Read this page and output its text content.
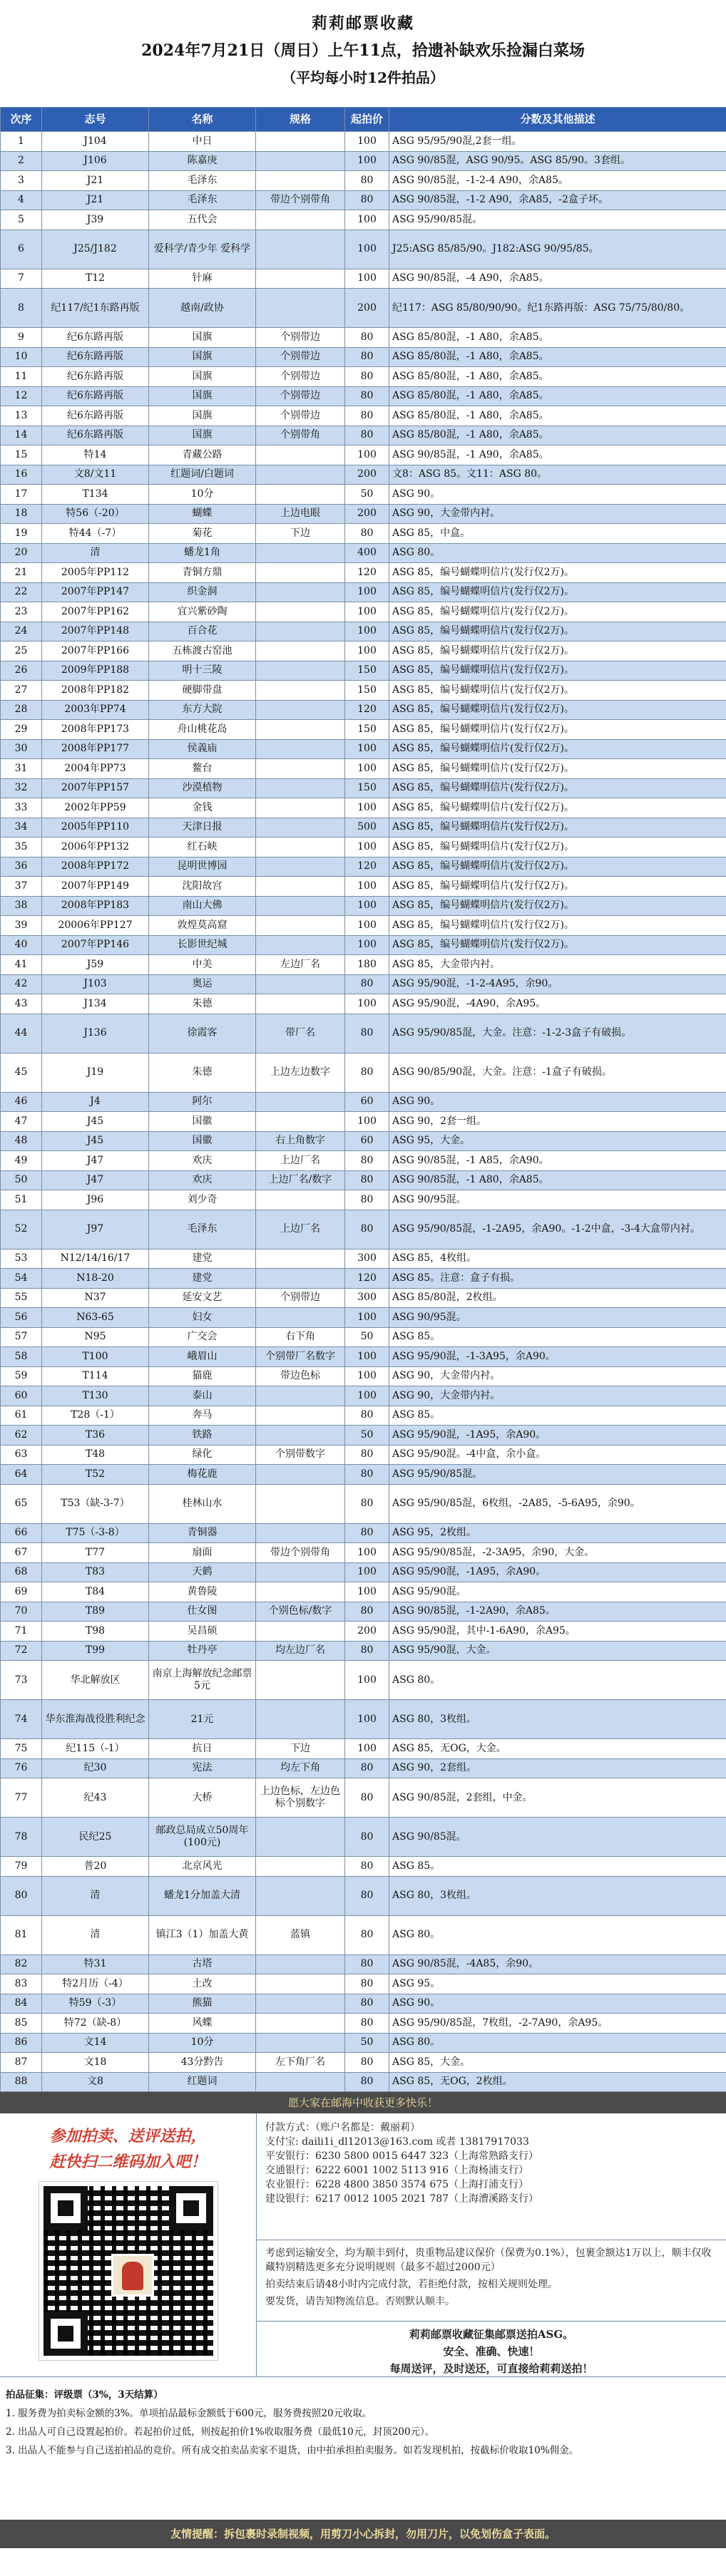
莉莉邮票收藏
2024年7月21日（周日）上午11点，拾遗补缺欢乐捡漏白菜场
（平均每小时12件拍品）
次序	志号	名称	规格	起拍价	分数及其他描述
1	J104	中日		100	ASG 95/95/90混,2套一组。
2	J106	陈嘉庚		100	ASG 90/85混，ASG 90/95。ASG 85/90。3套组。
3	J21	毛泽东		80	ASG 90/85混，-1-2-4 A90，余A85。
4	J21	毛泽东	带边个别带角	80	ASG 90/85混，-1-2 A90，余A85，-2盒子坏。
5	J39	五代会		100	ASG 95/90/85混。
6	J25/J182	爱科学/青少年 爱科学		100	J25:ASG 85/85/90。J182:ASG 90/95/85。
7	T12	针麻		100	ASG 90/85混，-4 A90，余A85。
8	纪117/纪1东路再版	越南/政协		200	纪117：ASG 85/80/90/90。纪1东路再版：ASG 75/75/80/80。
9	纪6东路再版	国旗	个别带边	80	ASG 85/80混，-1 A80，余A85。
10	纪6东路再版	国旗	个别带边	80	ASG 85/80混，-1 A80，余A85。
11	纪6东路再版	国旗	个别带边	80	ASG 85/80混，-1 A80，余A85。
12	纪6东路再版	国旗	个别带边	80	ASG 85/80混，-1 A80，余A85。
13	纪6东路再版	国旗	个别带边	80	ASG 85/80混，-1 A80，余A85。
14	纪6东路再版	国旗	个别带角	80	ASG 85/80混，-1 A80，余A85。
15	特14	青藏公路		100	ASG 90/85混，-1 A90，余A85。
16	文8/文11	红题词/白题词		200	文8：ASG 85。文11：ASG 80。
17	T134	10分		50	ASG 90。
18	特56（-20）	蝴蝶	上边电眼	200	ASG 90，大金带内衬。
19	特44（-7）	菊花	下边	80	ASG 85，中盒。
20	清	蟠龙1角		400	ASG 80。
21	2005年PP112	青铜方鼎		120	ASG 85，编号蝴蝶明信片(发行仅2万)。
22	2007年PP147	织金洞		100	ASG 85，编号蝴蝶明信片(发行仅2万)。
23	2007年PP162	宜兴紫砂陶		100	ASG 85，编号蝴蝶明信片(发行仅2万)。
24	2007年PP148	百合花		100	ASG 85，编号蝴蝶明信片(发行仅2万)。
25	2007年PP166	五栋渡古窑池		100	ASG 85，编号蝴蝶明信片(发行仅2万)。
26	2009年PP188	明十三陵		150	ASG 85，编号蝴蝶明信片(发行仅2万)。
27	2008年PP182	硬脚带盘		150	ASG 85，编号蝴蝶明信片(发行仅2万)。
28	2003年PP74	东方大院		120	ASG 85，编号蝴蝶明信片(发行仅2万)。
29	2008年PP173	舟山桃花岛		150	ASG 85，编号蝴蝶明信片(发行仅2万)。
30	2008年PP177	侯義庙		100	ASG 85，编号蝴蝶明信片(发行仅2万)。
31	2004年PP73	鳌台		100	ASG 85，编号蝴蝶明信片(发行仅2万)。
32	2007年PP157	沙漠植物		150	ASG 85，编号蝴蝶明信片(发行仅2万)。
33	2002年PP59	金钱		100	ASG 85，编号蝴蝶明信片(发行仅2万)。
34	2005年PP110	天津日报		500	ASG 85，编号蝴蝶明信片(发行仅2万)。
35	2006年PP132	红石峡		100	ASG 85，编号蝴蝶明信片(发行仅2万)。
36	2008年PP172	昆明世博园		120	ASG 85，编号蝴蝶明信片(发行仅2万)。
37	2007年PP149	沈阳故宫		100	ASG 85，编号蝴蝶明信片(发行仅2万)。
38	2008年PP183	南山大佛		100	ASG 85，编号蝴蝶明信片(发行仅2万)。
39	20006年PP127	敦煌莫高窟		100	ASG 85，编号蝴蝶明信片(发行仅2万)。
40	2007年PP146	长影世纪城		100	ASG 85，编号蝴蝶明信片(发行仅2万)。
41	J59	中美	左边厂名	180	ASG 85，大金带内衬。
42	J103	奥运		80	ASG 95/90混，-1-2-4A95，余90。
43	J134	朱德		100	ASG 95/90混，-4A90，余A95。
44	J136	徐霞客	带厂名	80	ASG 95/90/85混，大金。注意：-1-2-3盒子有破损。
45	J19	朱德	上边左边数字	80	ASG 90/85/90混，大金。注意：-1盒子有破损。
46	J4	阿尔		60	ASG 90。
47	J45	国徽		100	ASG 90，2套一组。
48	J45	国徽	右上角数字	60	ASG 95，大金。
49	J47	欢庆	上边厂名	80	ASG 90/85混，-1 A85，余A90。
50	J47	欢庆	上边厂名/数字	80	ASG 90/85混，-1 A80，余A85。
51	J96	刘少奇		80	ASG 90/95混。
52	J97	毛泽东	上边厂名	80	ASG 95/90/85混，-1-2A95，余A90。-1-2中盒，-3-4大盒带内衬。
53	N12/14/16/17	建党		300	ASG 85，4枚组。
54	N18-20	建党		120	ASG 85。注意：盒子有损。
55	N37	延安文艺	个别带边	300	ASG 85/80混，2枚组。
56	N63-65	妇女		100	ASG 90/95混。
57	N95	广交会	右下角	50	ASG 85。
58	T100	峨眉山	个别带厂名数字	100	ASG 95/90混，-1-3A95，余A90。
59	T114	猫鹿	带边色标	100	ASG 90，大金带内衬。
60	T130	泰山		100	ASG 90，大金带内衬。
61	T28（-1）	奔马		80	ASG 85。
62	T36	铁路		50	ASG 95/90混，-1A95，余A90。
63	T48	绿化	个别带数字	80	ASG 95/90混。-4中盒，余小盒。
64	T52	梅花鹿		80	ASG 95/90/85混。
65	T53（缺-3-7）	桂林山水		80	ASG 95/90/85混，6枚组，-2A85，-5-6A95，余90。
66	T75（-3-8）	青铜器		80	ASG 95，2枚组。
67	T77	扇面	带边个别带角	100	ASG 95/90/85混，-2-3A95，余90，大金。
68	T83	天鹤		100	ASG 95/90混，-1A95，余A90。
69	T84	黄鲁陵		100	ASG 95/90混。
70	T89	仕女图	个别色标/数字	80	ASG 90/85混，-1-2A90，余A85。
71	T98	吴昌硕		200	ASG 95/90混，其中-1-6A90，余A95。
72	T99	牡丹亭	均左边厂名	80	ASG 95/90混，大金。
73	华北解放区	南京上海解放纪念邮票5元		100	ASG 80。
74	华东淮海战役胜利纪念	21元		100	ASG 80，3枚组。
75	纪115（-1）	抗日	下边	100	ASG 85，无OG，大金。
76	纪30	宪法	均左下角	80	ASG 90，2套组。
77	纪43	大桥	上边色标，左边色标个别数字	80	ASG 90/85混，2套组，中金。
78	民纪25	邮政总局成立50周年(100元)		80	ASG 90/85混。
79	普20	北京风光		80	ASG 85。
80	清	蟠龙1分加盖大清		80	ASG 80，3枚组。
81	清	镇江3（1）加盖大黄	蓝镇	80	ASG 80。
82	特31	古塔		80	ASG 90/85混，-4A85，余90。
83	特2月历（-4）	土改		80	ASG 95。
84	特59（-3）	熊猫		80	ASG 90。
85	特72（缺-8）	风蝶		80	ASG 95/90/85混，7枚组，-2-7A90，余A95。
86	文14	10分		50	ASG 80。
87	文18	43分黔告	左下角厂名	80	ASG 85，大金。
88	文8	红题词		80	ASG 85，无OG，2枚组。
愿大家在邮海中收获更多快乐！
参加拍卖、送评送拍，
赶快扫二维码加入吧！
付款方式：（账户名都是：戴丽莉）
支付宝: daili1i_dl12013@163.com 或者 13817917033
平安银行：6230 5800 0015 6447 323（上海常熟路支行）
交通银行：6222 6001 1002 5113 916（上海杨浦支行）
农业银行：6228 4800 3850 3574 675（上海打浦支行）
建设银行：6217 0012 1005 2021 787（上海漕溪路支行）

考虑到运输安全，均为顺丰到付，贵重物品建议保价（保费为0.1%），包裹金额达1万以上，顺丰仅收藏特别精选更多充分说明规则（最多不超过2000元）

拍卖结束后请48小时内完成付款，若拒绝付款，按相关规则处理。

要发货，请告知物流信息。否则默认顺丰。

莉莉邮票收藏征集邮票送拍ASG。
安全、准确、快速！
每周送评，及时送还，可直接给莉莉送拍！
拍品征集：评级票（3%，3天结算）
1. 服务费为拍卖标金额的3%。单项拍品最标金额低于600元，服务费按照20元收取。
2. 出品人可自己设置起拍价。若起拍价过低，则按起拍价1%收取服务费（最低10元，封顶200元）。
3. 出品人不能参与自己送拍拍品的竞价。所有成交拍卖品卖家不退货，由中拍承担拍卖服务。如若发现机拍，按截标价收取10%佣金。
友情提醒：拆包裹时录制视频，用剪刀小心拆封，勿用刀片，以免划伤盒子表面。
